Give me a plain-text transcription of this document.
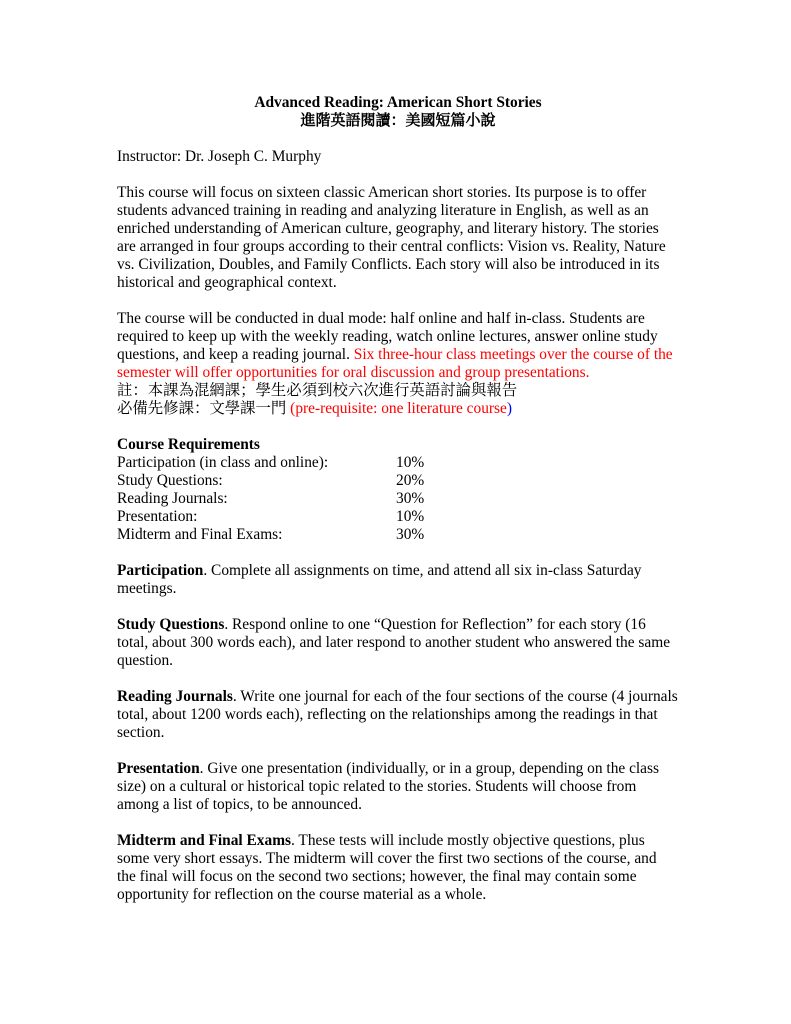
Advanced Reading: American Short Stories
進階英語閱讀：美國短篇小說

Instructor: Dr. Joseph C. Murphy

This course will focus on sixteen classic American short stories. Its purpose is to offer students advanced training in reading and analyzing literature in English, as well as an enriched understanding of American culture, geography, and literary history. The stories are arranged in four groups according to their central conflicts: Vision vs. Reality, Nature vs. Civilization, Doubles, and Family Conflicts. Each story will also be introduced in its historical and geographical context.

The course will be conducted in dual mode: half online and half in-class. Students are required to keep up with the weekly reading, watch online lectures, answer online study questions, and keep a reading journal. Six three-hour class meetings over the course of the semester will offer opportunities for oral discussion and group presentations.

註：本課為混網課；學生必須到校六次進行英語討論與報告

必備先修課：文學課一門 (pre-requisite: one literature course)

Course Requirements

Participation (in class and online):	10%
Study Questions:	20%
Reading Journals:	30%
Presentation:	10%
Midterm and Final Exams:	30%

Participation. Complete all assignments on time, and attend all six in-class Saturday meetings.

Study Questions. Respond online to one “Question for Reflection” for each story (16 total, about 300 words each), and later respond to another student who answered the same question.

Reading Journals. Write one journal for each of the four sections of the course (4 journals total, about 1200 words each), reflecting on the relationships among the readings in that section.

Presentation. Give one presentation (individually, or in a group, depending on the class size) on a cultural or historical topic related to the stories. Students will choose from among a list of topics, to be announced.

Midterm and Final Exams. These tests will include mostly objective questions, plus some very short essays. The midterm will cover the first two sections of the course, and the final will focus on the second two sections; however, the final may contain some opportunity for reflection on the course material as a whole.
